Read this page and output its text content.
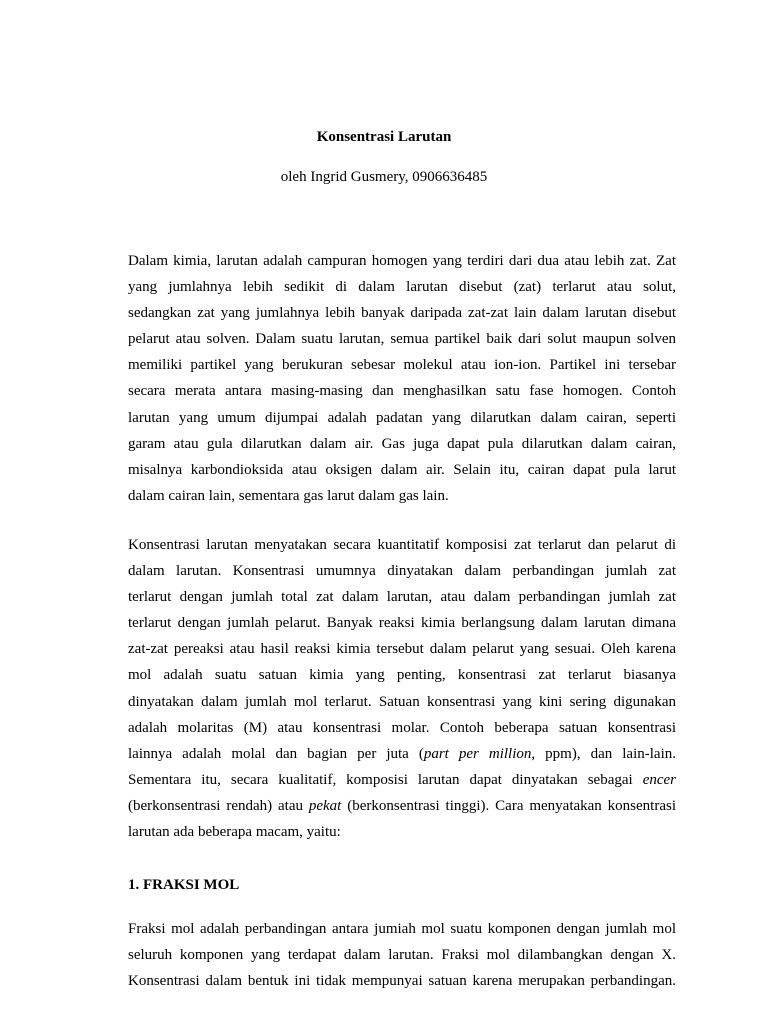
Konsentrasi Larutan

oleh Ingrid Gusmery, 0906636485

Dalam kimia, larutan adalah campuran homogen yang terdiri dari dua atau lebih zat. Zat
yang jumlahnya lebih sedikit di dalam larutan disebut (zat) terlarut atau solut,
sedangkan zat yang jumlahnya lebih banyak daripada zat-zat lain dalam larutan disebut
pelarut atau solven. Dalam suatu larutan, semua partikel baik dari solut maupun solven
memiliki partikel yang berukuran sebesar molekul atau ion-ion. Partikel ini tersebar
secara merata antara masing-masing dan menghasilkan satu fase homogen. Contoh
larutan yang umum dijumpai adalah padatan yang dilarutkan dalam cairan, seperti
garam atau gula dilarutkan dalam air. Gas juga dapat pula dilarutkan dalam cairan,
misalnya karbondioksida atau oksigen dalam air. Selain itu, cairan dapat pula larut
dalam cairan lain, sementara gas larut dalam gas lain.
Konsentrasi larutan menyatakan secara kuantitatif komposisi zat terlarut dan pelarut di
dalam larutan. Konsentrasi umumnya dinyatakan dalam perbandingan jumlah zat
terlarut dengan jumlah total zat dalam larutan, atau dalam perbandingan jumlah zat
terlarut dengan jumlah pelarut. Banyak reaksi kimia berlangsung dalam larutan dimana
zat-zat pereaksi atau hasil reaksi kimia tersebut dalam pelarut yang sesuai. Oleh karena
mol adalah suatu satuan kimia yang penting, konsentrasi zat terlarut biasanya
dinyatakan dalam jumlah mol terlarut. Satuan konsentrasi yang kini sering digunakan
adalah molaritas (M) atau konsentrasi molar. Contoh beberapa satuan konsentrasi
lainnya adalah molal dan bagian per juta (part per million, ppm), dan lain-lain.
Sementara itu, secara kualitatif, komposisi larutan dapat dinyatakan sebagai encer
(berkonsentrasi rendah) atau pekat (berkonsentrasi tinggi). Cara menyatakan konsentrasi
larutan ada beberapa macam, yaitu:
1. FRAKSI MOL
Fraksi mol adalah perbandingan antara jumiah mol suatu komponen dengan jumlah mol
seluruh komponen yang terdapat dalam larutan. Fraksi mol dilambangkan dengan X.
Konsentrasi dalam bentuk ini tidak mempunyai satuan karena merupakan perbandingan.
